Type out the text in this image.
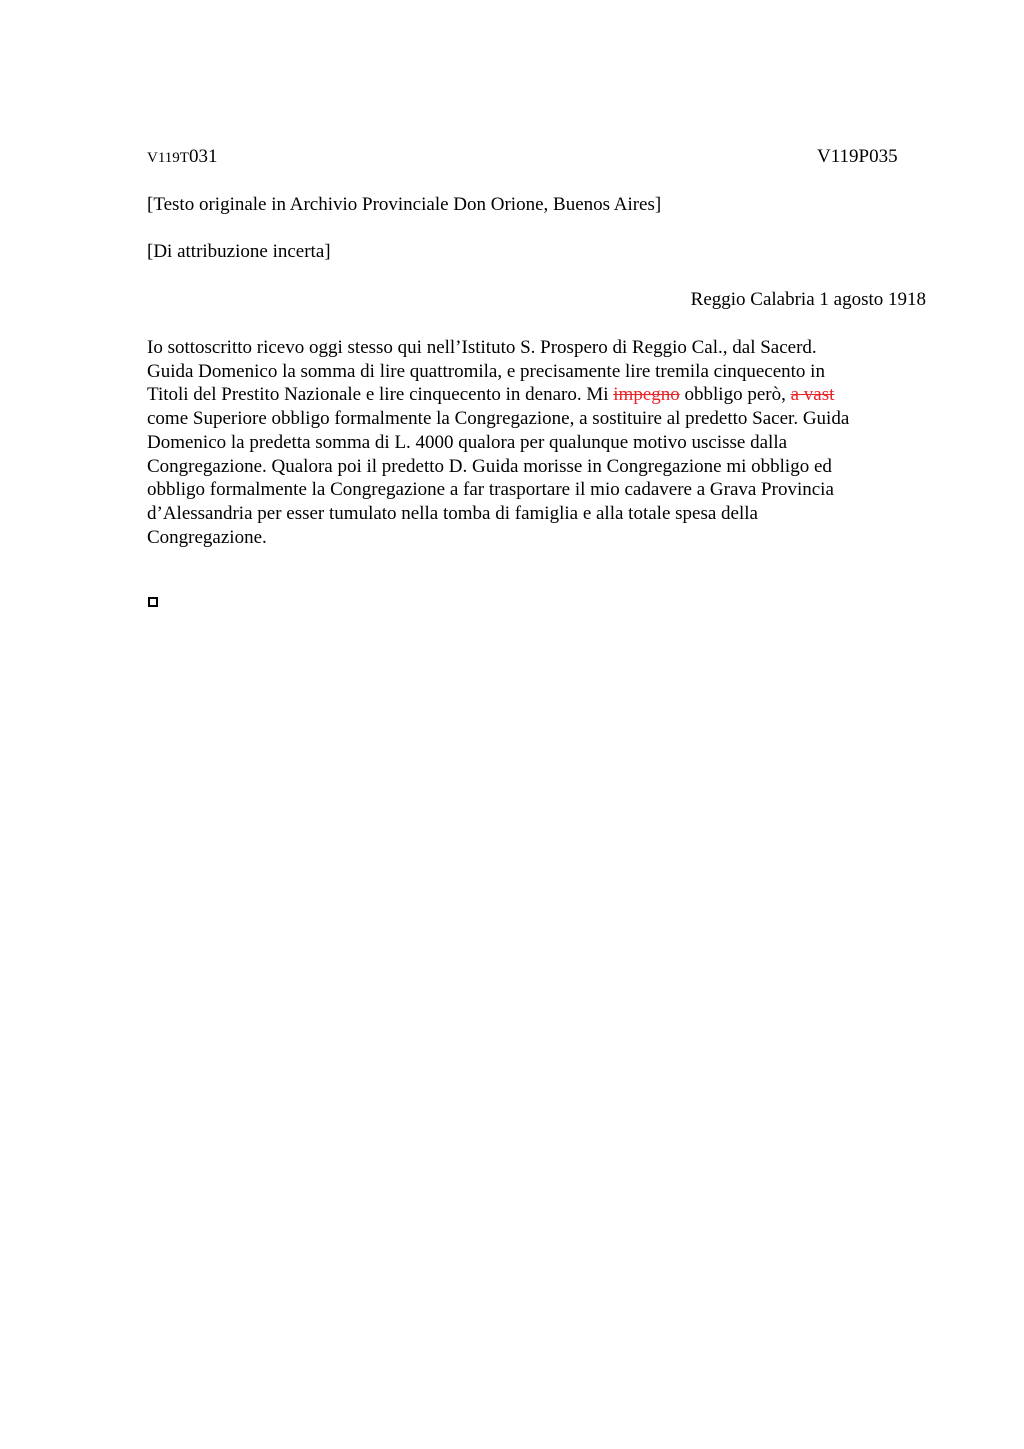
V119T031	V119P035
[Testo originale in Archivio Provinciale Don Orione, Buenos Aires]
[Di attribuzione incerta]
Reggio Calabria 1 agosto 1918
Io sottoscritto ricevo oggi stesso qui nell’Istituto S. Prospero di Reggio Cal., dal Sacerd.
Guida Domenico la somma di lire quattromila, e precisamente lire tremila cinquecento in
Titoli del Prestito Nazionale e lire cinquecento in denaro. Mi impegno obbligo però, a vast
come Superiore obbligo formalmente la Congregazione, a sostituire al predetto Sacer. Guida
Domenico la predetta somma di L. 4000 qualora per qualunque motivo uscisse dalla
Congregazione. Qualora poi il predetto D. Guida morisse in Congregazione mi obbligo ed
obbligo formalmente la Congregazione a far trasportare il mio cadavere a Grava Provincia
d’Alessandria per esser tumulato nella tomba di famiglia e alla totale spesa della
Congregazione.
